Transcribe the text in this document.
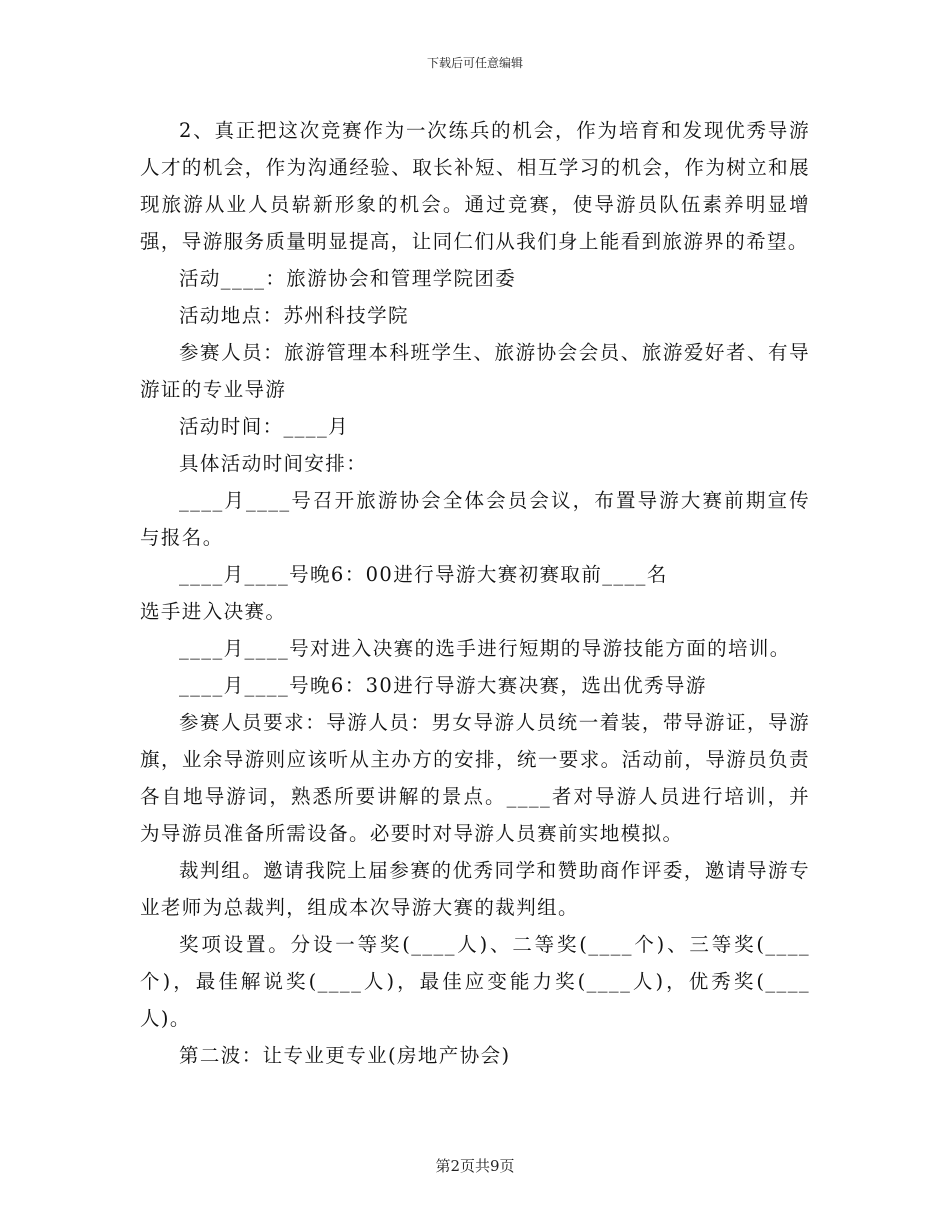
下载后可任意编辑

2、真正把这次竞赛作为一次练兵的机会，作为培育和发现优秀导游人才的机会，作为沟通经验、取长补短、相互学习的机会，作为树立和展现旅游从业人员崭新形象的机会。通过竞赛，使导游员队伍素养明显增强，导游服务质量明显提高，让同仁们从我们身上能看到旅游界的希望。

活动____：旅游协会和管理学院团委

活动地点：苏州科技学院

参赛人员：旅游管理本科班学生、旅游协会会员、旅游爱好者、有导游证的专业导游

活动时间：____月

具体活动时间安排：

____月____号召开旅游协会全体会员会议，布置导游大赛前期宣传与报名。

____月____号晚6：00进行导游大赛初赛取前____名

选手进入决赛。

____月____号对进入决赛的选手进行短期的导游技能方面的培训。

____月____号晚6：30进行导游大赛决赛，选出优秀导游

参赛人员要求：导游人员：男女导游人员统一着装，带导游证，导游旗，业余导游则应该听从主办方的安排，统一要求。活动前，导游员负责各自地导游词，熟悉所要讲解的景点。____者对导游人员进行培训，并为导游员准备所需设备。必要时对导游人员赛前实地模拟。

裁判组。邀请我院上届参赛的优秀同学和赞助商作评委，邀请导游专业老师为总裁判，组成本次导游大赛的裁判组。

奖项设置。分设一等奖(____人)、二等奖(____个)、三等奖(____个)，最佳解说奖(____人)，最佳应变能力奖(____人)，优秀奖(____人)。

第二波：让专业更专业(房地产协会)

第2页共9页
